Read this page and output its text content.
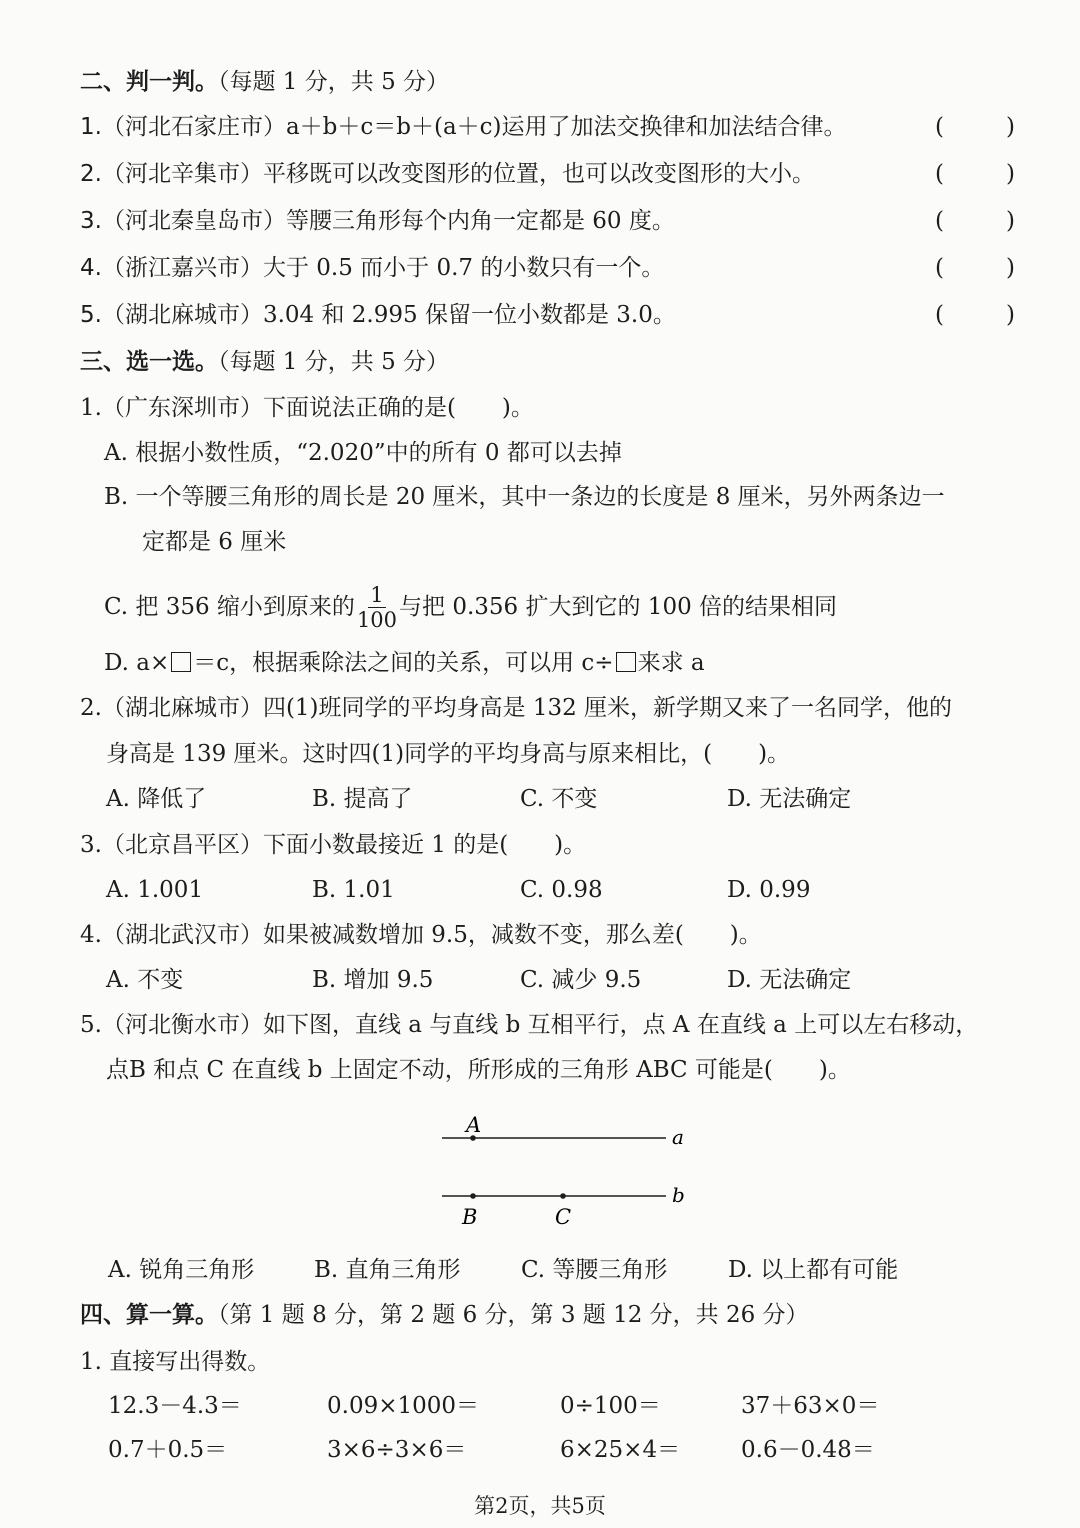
二、判一判。（每题 1 分，共 5 分）
1.（河北石家庄市）a＋b＋c＝b＋(a＋c)运用了加法交换律和加法结合律。	(	)
2.（河北辛集市）平移既可以改变图形的位置，也可以改变图形的大小。	(	)
3.（河北秦皇岛市）等腰三角形每个内角一定都是 60 度。	(	)
4.（浙江嘉兴市）大于 0.5 而小于 0.7 的小数只有一个。	(	)
5.（湖北麻城市）3.04 和 2.995 保留一位小数都是 3.0。	(	)
三、选一选。（每题 1 分，共 5 分）
1.（广东深圳市）下面说法正确的是(　　)。
A. 根据小数性质，“2.020”中的所有 0 都可以去掉
B. 一个等腰三角形的周长是 20 厘米，其中一条边的长度是 8 厘米，另外两条边一
定都是 6 厘米
C. 把 356 缩小到原来的 $\frac{1}{100}$ 与把 0.356 扩大到它的 100 倍的结果相同
D. a× ＝c，根据乘除法之间的关系，可以用 c÷ 来求 a
2.（湖北麻城市）四(1)班同学的平均身高是 132 厘米，新学期又来了一名同学，他的
身高是 139 厘米。这时四(1)同学的平均身高与原来相比，(　　)。
A. 降低了	B. 提高了	C. 不变	D. 无法确定
3.（北京昌平区）下面小数最接近 1 的是(　　)。
A. 1.001	B. 1.01	C. 0.98	D. 0.99
4.（湖北武汉市）如果被减数增加 9.5，减数不变，那么差(　　)。
A. 不变	B. 增加 9.5	C. 减少 9.5	D. 无法确定
5.（河北衡水市）如下图，直线 a 与直线 b 互相平行，点 A 在直线 a 上可以左右移动，
点B 和点 C 在直线 b 上固定不动，所形成的三角形 ABC 可能是(　　)。
A
B	C
a
b
A. 锐角三角形	B. 直角三角形	C. 等腰三角形	D. 以上都有可能
四、算一算。（第 1 题 8 分，第 2 题 6 分，第 3 题 12 分，共 26 分）
1. 直接写出得数。
12.3－4.3＝	0.09×1000＝	0÷100＝	37＋63×0＝
0.7＋0.5＝	3×6÷3×6＝	6×25×4＝	0.6－0.48＝
第2页，共5页
